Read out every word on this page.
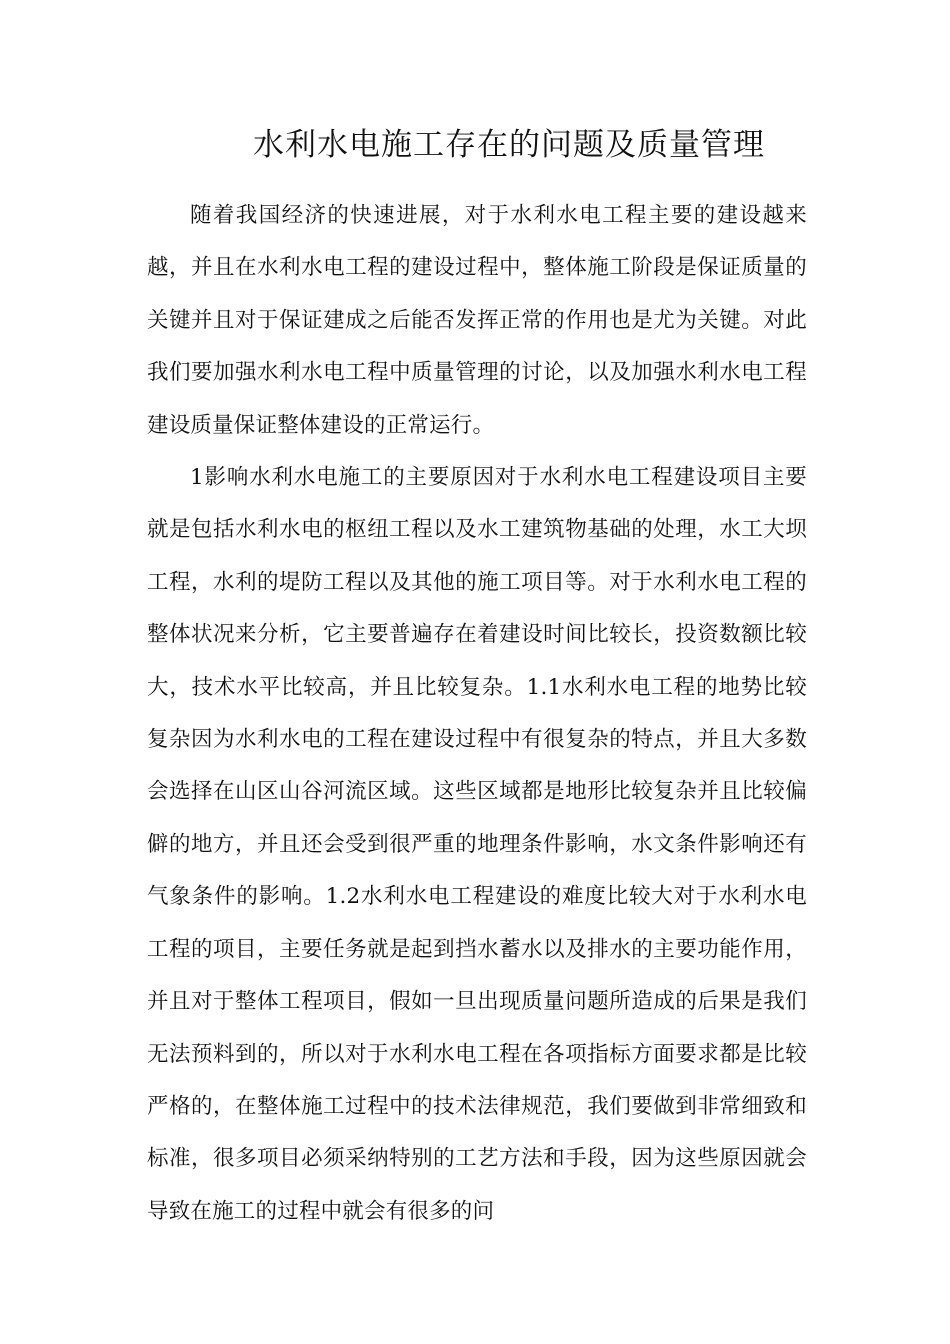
水利水电施工存在的问题及质量管理

随着我国经济的快速进展，对于水利水电工程主要的建设越来越，并且在水利水电工程的建设过程中，整体施工阶段是保证质量的关键并且对于保证建成之后能否发挥正常的作用也是尤为关键。对此我们要加强水利水电工程中质量管理的讨论，以及加强水利水电工程建设质量保证整体建设的正常运行。

1影响水利水电施工的主要原因对于水利水电工程建设项目主要就是包括水利水电的枢纽工程以及水工建筑物基础的处理，水工大坝工程，水利的堤防工程以及其他的施工项目等。对于水利水电工程的整体状况来分析，它主要普遍存在着建设时间比较长，投资数额比较大，技术水平比较高，并且比较复杂。1.1水利水电工程的地势比较复杂因为水利水电的工程在建设过程中有很复杂的特点，并且大多数会选择在山区山谷河流区域。这些区域都是地形比较复杂并且比较偏僻的地方，并且还会受到很严重的地理条件影响，水文条件影响还有气象条件的影响。1.2水利水电工程建设的难度比较大对于水利水电工程的项目，主要任务就是起到挡水蓄水以及排水的主要功能作用，并且对于整体工程项目，假如一旦出现质量问题所造成的后果是我们无法预料到的，所以对于水利水电工程在各项指标方面要求都是比较严格的，在整体施工过程中的技术法律规范，我们要做到非常细致和标准，很多项目必须采纳特别的工艺方法和手段，因为这些原因就会导致在施工的过程中就会有很多的问
